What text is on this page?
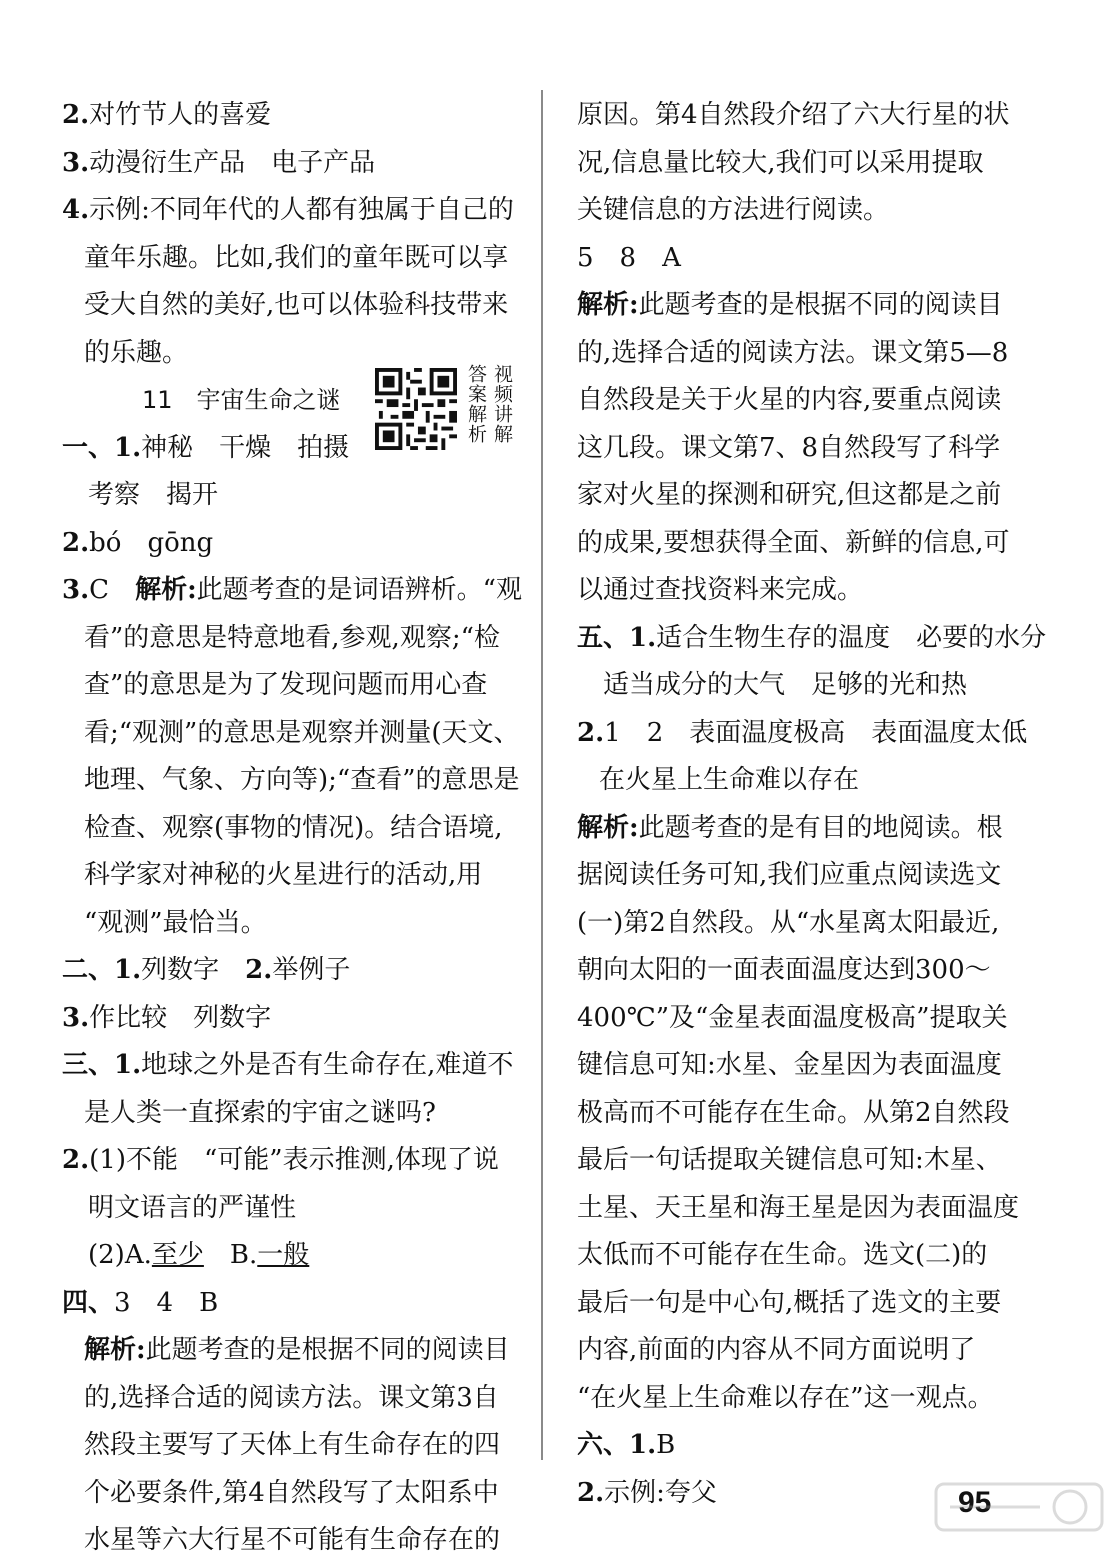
2.对竹节人的喜爱
3.动漫衍生产品　电子产品
4.示例:不同年代的人都有独属于自己的
童年乐趣。比如,我们的童年既可以享
受大自然的美好,也可以体验科技带来
的乐趣。
11　宇宙生命之谜
一、1.神秘　干燥　拍摄
考察　揭开
2.bó　gōng
3.C　解析:此题考查的是词语辨析。“观
看”的意思是特意地看,参观,观察;“检
查”的意思是为了发现问题而用心查
看;“观测”的意思是观察并测量(天文、
地理、气象、方向等);“查看”的意思是
检查、观察(事物的情况)。结合语境,
科学家对神秘的火星进行的活动,用
“观测”最恰当。
二、1.列数字　2.举例子
3.作比较　列数字
三、1.地球之外是否有生命存在,难道不
是人类一直探索的宇宙之谜吗?
2.(1)不能　“可能”表示推测,体现了说
明文语言的严谨性
(2)A.至少　B.一般
四、3　4　B
解析:此题考查的是根据不同的阅读目
的,选择合适的阅读方法。课文第3自
然段主要写了天体上有生命存在的四
个必要条件,第4自然段写了太阳系中
水星等六大行星不可能有生命存在的
原因。第4自然段介绍了六大行星的状
况,信息量比较大,我们可以采用提取
关键信息的方法进行阅读。
5　8　A
解析:此题考查的是根据不同的阅读目
的,选择合适的阅读方法。课文第5—8
自然段是关于火星的内容,要重点阅读
这几段。课文第7、8自然段写了科学
家对火星的探测和研究,但这都是之前
的成果,要想获得全面、新鲜的信息,可
以通过查找资料来完成。
五、1.适合生物生存的温度　必要的水分
适当成分的大气　足够的光和热
2.1　2　表面温度极高　表面温度太低
在火星上生命难以存在
解析:此题考查的是有目的地阅读。根
据阅读任务可知,我们应重点阅读选文
(一)第2自然段。从“水星离太阳最近,
朝向太阳的一面表面温度达到300～
400℃”及“金星表面温度极高”提取关
键信息可知:水星、金星因为表面温度
极高而不可能存在生命。从第2自然段
最后一句话提取关键信息可知:木星、
土星、天王星和海王星是因为表面温度
太低而不可能存在生命。选文(二)的
最后一句是中心句,概括了选文的主要
内容,前面的内容从不同方面说明了
“在火星上生命难以存在”这一观点。
六、1.B
2.示例:夸父
视频讲解
答案解析
95
